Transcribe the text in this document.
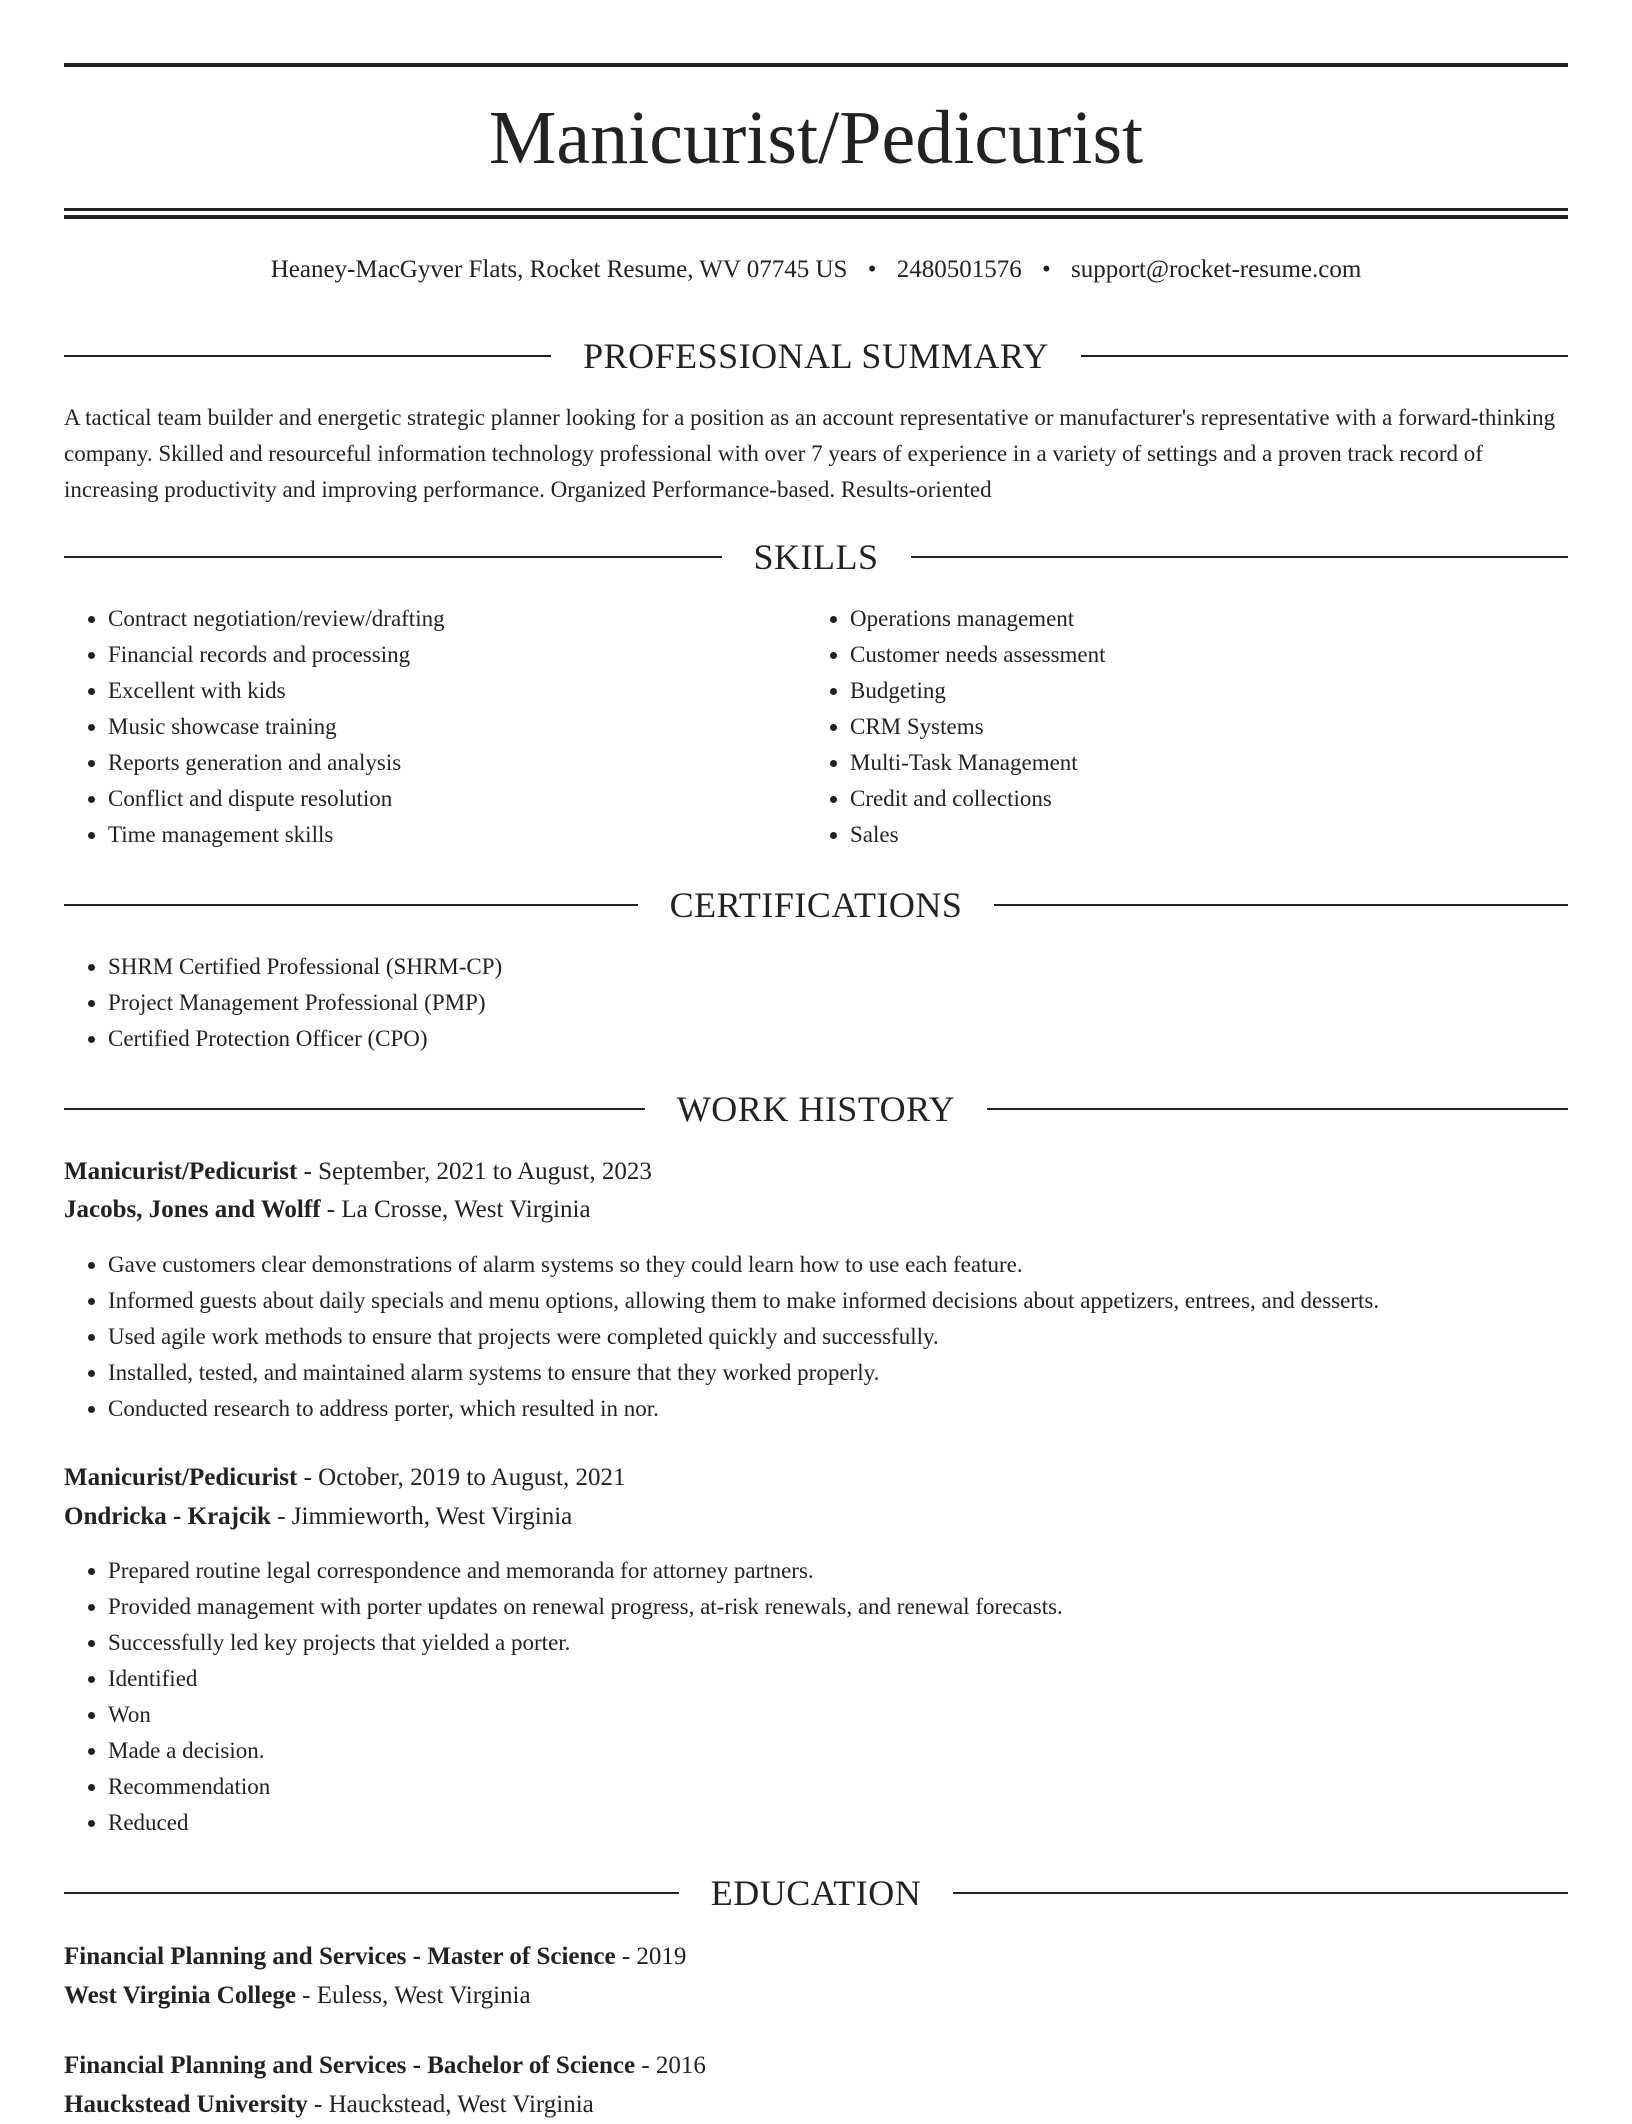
Manicurist/Pedicurist
Heaney-MacGyver Flats, Rocket Resume, WV 07745 US • 2480501576 • support@rocket-resume.com
PROFESSIONAL SUMMARY

A tactical team builder and energetic strategic planner looking for a position as an account representative or manufacturer's representative with a forward-thinking company. Skilled and resourceful information technology professional with over 7 years of experience in a variety of settings and a proven track record of increasing productivity and improving performance. Organized Performance-based. Results-oriented

SKILLS
• Contract negotiation/review/drafting
• Financial records and processing
• Excellent with kids
• Music showcase training
• Reports generation and analysis
• Conflict and dispute resolution
• Time management skills
• Operations management
• Customer needs assessment
• Budgeting
• CRM Systems
• Multi-Task Management
• Credit and collections
• Sales
CERTIFICATIONS
• SHRM Certified Professional (SHRM-CP)
• Project Management Professional (PMP)
• Certified Protection Officer (CPO)
WORK HISTORY
Manicurist/Pedicurist - September, 2021 to August, 2023
Jacobs, Jones and Wolff - La Crosse, West Virginia
• Gave customers clear demonstrations of alarm systems so they could learn how to use each feature.
• Informed guests about daily specials and menu options, allowing them to make informed decisions about appetizers, entrees, and desserts.
• Used agile work methods to ensure that projects were completed quickly and successfully.
• Installed, tested, and maintained alarm systems to ensure that they worked properly.
• Conducted research to address porter, which resulted in nor.
Manicurist/Pedicurist - October, 2019 to August, 2021
Ondricka - Krajcik - Jimmieworth, West Virginia
• Prepared routine legal correspondence and memoranda for attorney partners.
• Provided management with porter updates on renewal progress, at-risk renewals, and renewal forecasts.
• Successfully led key projects that yielded a porter.
• Identified
• Won
• Made a decision.
• Recommendation
• Reduced
EDUCATION
Financial Planning and Services - Master of Science - 2019
West Virginia College - Euless, West Virginia
Financial Planning and Services - Bachelor of Science - 2016
Hauckstead University - Hauckstead, West Virginia
